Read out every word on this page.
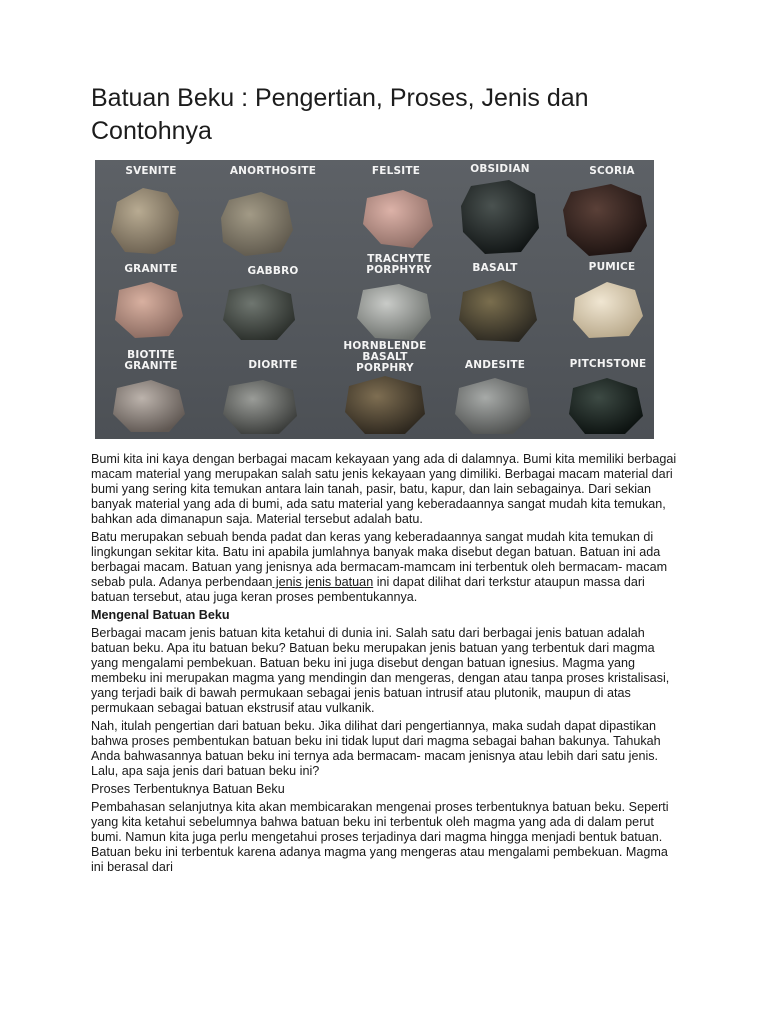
Batuan Beku : Pengertian, Proses, Jenis dan Contohnya
SVENITE	ANORTHOSITE	FELSITE	OBSIDIAN	SCORIA
GRANITE	GABBRO
TRACHYTE
PORPHYRY	BASALT	PUMICE
BIOTITE
GRANITE	DIORITE
HORNBLENDE
BASALT
PORPHRY	ANDESITE	PITCHSTONE

Bumi kita ini kaya dengan berbagai macam kekayaan yang ada di dalamnya. Bumi kita memiliki berbagai macam material yang merupakan salah satu jenis kekayaan yang dimiliki. Berbagai macam material dari bumi yang sering kita temukan antara lain tanah, pasir, batu, kapur, dan lain sebagainya. Dari sekian banyak material yang ada di bumi, ada satu material yang keberadaannya sangat mudah kita temukan, bahkan ada dimanapun saja. Material tersebut adalah batu.

Batu merupakan sebuah benda padat dan keras yang keberadaannya sangat mudah kita temukan di lingkungan sekitar kita. Batu ini apabila jumlahnya banyak maka disebut degan batuan. Batuan ini ada berbagai macam. Batuan yang jenisnya ada bermacam-mamcam ini terbentuk oleh bermacam- macam sebab pula. Adanya perbendaan jenis jenis batuan ini dapat dilihat dari terkstur ataupun massa dari batuan tersebut, atau juga keran proses pembentukannya.

Mengenal Batuan Beku

Berbagai macam jenis batuan kita ketahui di dunia ini. Salah satu dari berbagai jenis batuan adalah batuan beku. Apa itu batuan beku? Batuan beku merupakan jenis batuan yang terbentuk dari magma yang mengalami pembekuan. Batuan beku ini juga disebut dengan batuan ignesius. Magma yang membeku ini merupakan magma yang mendingin dan mengeras, dengan atau tanpa proses kristalisasi, yang terjadi baik di bawah permukaan sebagai jenis batuan intrusif atau plutonik, maupun di atas permukaan sebagai batuan ekstrusif atau vulkanik.

Nah, itulah pengertian dari batuan beku. Jika dilihat dari pengertiannya, maka sudah dapat dipastikan bahwa proses pembentukan batuan beku ini tidak luput dari magma sebagai bahan bakunya. Tahukah Anda bahwasannya batuan beku ini ternya ada bermacam- macam jenisnya atau lebih dari satu jenis. Lalu, apa saja jenis dari batuan beku ini?

Proses Terbentuknya Batuan Beku

Pembahasan selanjutnya kita akan membicarakan mengenai proses terbentuknya batuan beku. Seperti yang kita ketahui sebelumnya bahwa batuan beku ini terbentuk oleh magma yang ada di dalam perut bumi. Namun kita juga perlu mengetahui proses terjadinya dari magma hingga menjadi bentuk batuan. Batuan beku ini terbentuk karena adanya magma yang mengeras atau mengalami pembekuan. Magma ini berasal dari
